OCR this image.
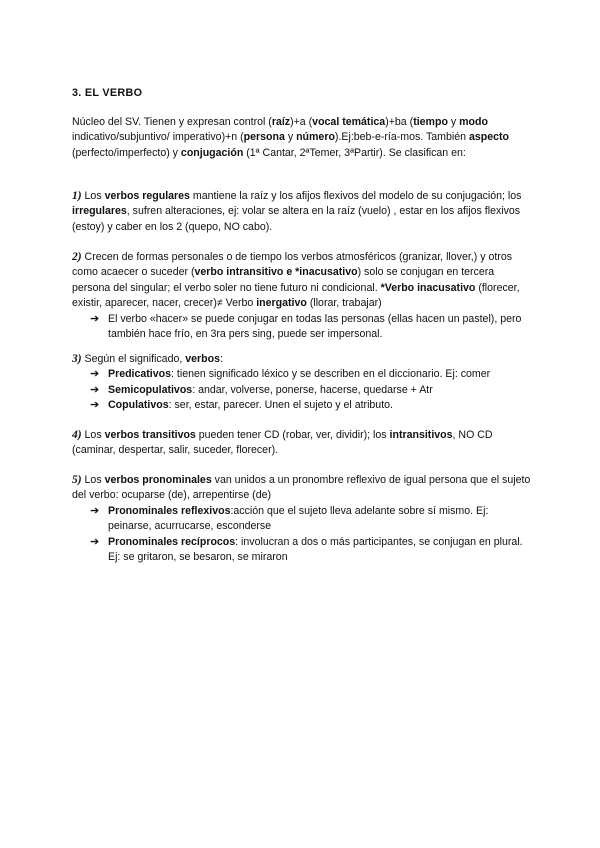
3. EL VERBO
Núcleo del SV. Tienen y expresan control (raíz)+a (vocal temática)+ba (tiempo y modo indicativo/subjuntivo/ imperativo)+n (persona y número).Ej:beb-e-ría-mos. También aspecto (perfecto/imperfecto) y conjugación (1ª Cantar, 2ªTemer, 3ªPartir). Se clasifican en:
1) Los verbos regulares mantiene la raíz y los afijos flexivos del modelo de su conjugación; los irregulares, sufren alteraciones, ej: volar se altera en la raíz (vuelo) , estar en los afijos flexivos (estoy) y caber en los 2 (quepo, NO cabo).
2) Crecen de formas personales o de tiempo los verbos atmosféricos (granizar, llover,) y otros como acaecer o suceder (verbo intransitivo e *inacusativo) solo se conjugan en tercera persona del singular; el verbo soler no tiene futuro ni condicional. *Verbo inacusativo (florecer, existir, aparecer, nacer, crecer)≠ Verbo inergativo (llorar, trabajar)
➔ El verbo «hacer» se puede conjugar en todas las personas (ellas hacen un pastel), pero también hace frío, en 3ra pers sing, puede ser impersonal.
3) Según el significado, verbos:
➔ Predicativos: tienen significado léxico y se describen en el diccionario. Ej: comer
➔ Semicopulativos: andar, volverse, ponerse, hacerse, quedarse + Atr
➔ Copulativos: ser, estar, parecer. Unen el sujeto y el atributo.
4) Los verbos transitivos pueden tener CD (robar, ver, dividir); los intransitivos, NO CD (caminar, despertar, salir, suceder, florecer).
5) Los verbos pronominales van unidos a un pronombre reflexivo de igual persona que el sujeto del verbo: ocuparse (de), arrepentirse (de)
➔ Pronominales reflexivos:acción que el sujeto lleva adelante sobre sí mismo. Ej: peinarse, acurrucarse, esconderse
➔ Pronominales recíprocos: involucran a dos o más participantes, se conjugan en plural. Ej: se gritaron, se besaron, se miraron
